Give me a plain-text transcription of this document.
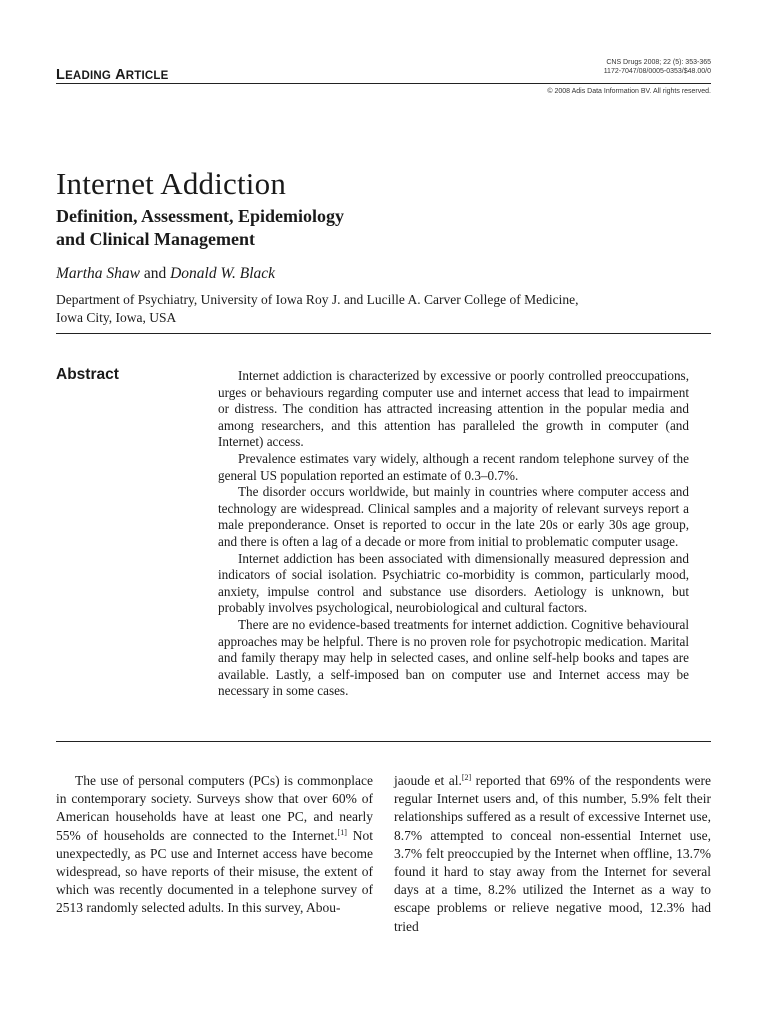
LEADING ARTICLE
CNS Drugs 2008; 22 (5): 353-365
1172-7047/08/0005-0353/$48.00/0
© 2008 Adis Data Information BV. All rights reserved.
Internet Addiction
Definition, Assessment, Epidemiology
and Clinical Management
Martha Shaw and Donald W. Black
Department of Psychiatry, University of Iowa Roy J. and Lucille A. Carver College of Medicine,
Iowa City, Iowa, USA
Abstract	Internet addiction is characterized by excessive or poorly controlled preoccupations, urges or behaviours regarding computer use and internet access that lead to impairment or distress. The condition has attracted increasing attention in the popular media and among researchers, and this attention has paralleled the growth in computer (and Internet) access.

Prevalence estimates vary widely, although a recent random telephone survey of the general US population reported an estimate of 0.3–0.7%.

The disorder occurs worldwide, but mainly in countries where computer access and technology are widespread. Clinical samples and a majority of relevant surveys report a male preponderance. Onset is reported to occur in the late 20s or early 30s age group, and there is often a lag of a decade or more from initial to problematic computer usage.

Internet addiction has been associated with dimensionally measured depression and indicators of social isolation. Psychiatric co-morbidity is common, particularly mood, anxiety, impulse control and substance use disorders. Aetiology is unknown, but probably involves psychological, neurobiological and cultural factors.

There are no evidence-based treatments for internet addiction. Cognitive behavioural approaches may be helpful. There is no proven role for psychotropic medication. Marital and family therapy may help in selected cases, and online self-help books and tapes are available. Lastly, a self-imposed ban on computer use and Internet access may be necessary in some cases.

The use of personal computers (PCs) is commonplace in contemporary society. Surveys show that over 60% of American households have at least one PC, and nearly 55% of households are connected to the Internet.[1] Not unexpectedly, as PC use and Internet access have become widespread, so have reports of their misuse, the extent of which was recently documented in a telephone survey of 2513 randomly selected adults. In this survey, Abou-

jaoude et al.[2] reported that 69% of the respondents were regular Internet users and, of this number, 5.9% felt their relationships suffered as a result of excessive Internet use, 8.7% attempted to conceal non-essential Internet use, 3.7% felt preoccupied by the Internet when offline, 13.7% found it hard to stay away from the Internet for several days at a time, 8.2% utilized the Internet as a way to escape problems or relieve negative mood, 12.3% had tried
